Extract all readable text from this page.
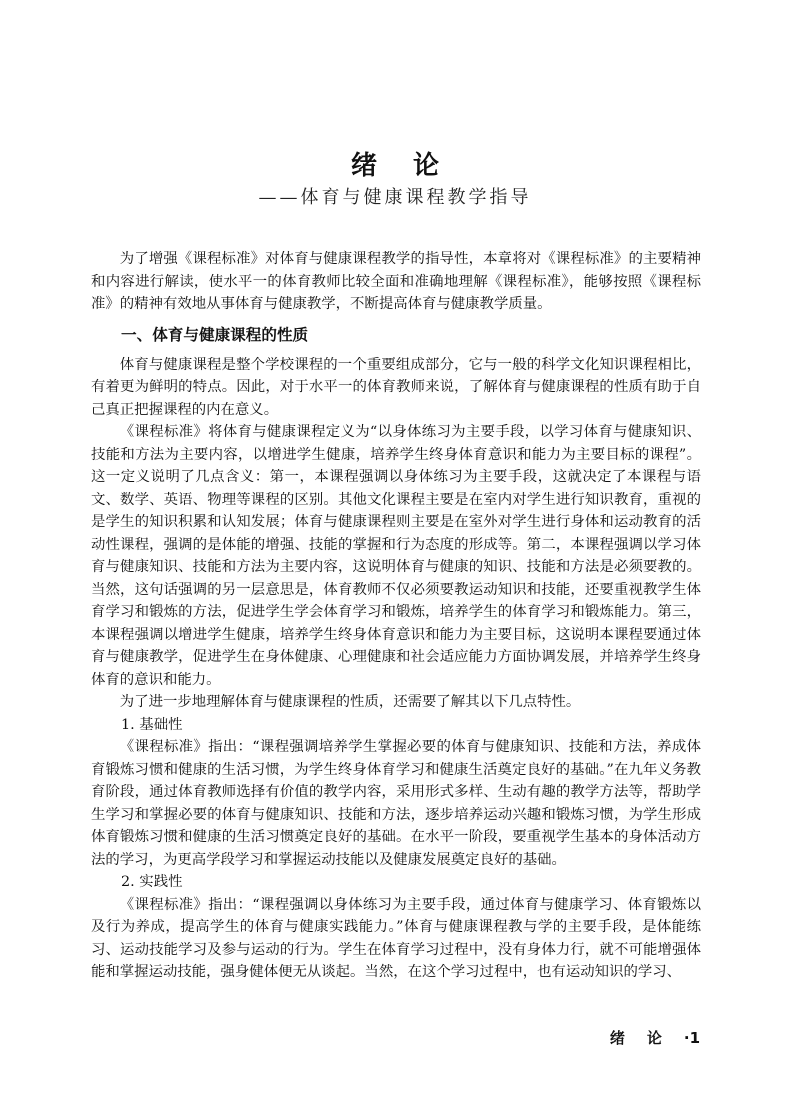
绪论
——体育与健康课程教学指导

为了增强《课程标准》对体育与健康课程教学的指导性，本章将对《课程标准》的主要精神和内容进行解读，使水平一的体育教师比较全面和准确地理解《课程标准》，能够按照《课程标准》的精神有效地从事体育与健康教学，不断提高体育与健康教学质量。

一、体育与健康课程的性质

体育与健康课程是整个学校课程的一个重要组成部分，它与一般的科学文化知识课程相比，有着更为鲜明的特点。因此，对于水平一的体育教师来说，了解体育与健康课程的性质有助于自己真正把握课程的内在意义。

《课程标准》将体育与健康课程定义为“以身体练习为主要手段，以学习体育与健康知识、技能和方法为主要内容，以增进学生健康，培养学生终身体育意识和能力为主要目标的课程”。这一定义说明了几点含义：第一，本课程强调以身体练习为主要手段，这就决定了本课程与语文、数学、英语、物理等课程的区别。其他文化课程主要是在室内对学生进行知识教育，重视的是学生的知识积累和认知发展；体育与健康课程则主要是在室外对学生进行身体和运动教育的活动性课程，强调的是体能的增强、技能的掌握和行为态度的形成等。第二，本课程强调以学习体育与健康知识、技能和方法为主要内容，这说明体育与健康的知识、技能和方法是必须要教的。当然，这句话强调的另一层意思是，体育教师不仅必须要教运动知识和技能，还要重视教学生体育学习和锻炼的方法，促进学生学会体育学习和锻炼，培养学生的体育学习和锻炼能力。第三，本课程强调以增进学生健康，培养学生终身体育意识和能力为主要目标，这说明本课程要通过体育与健康教学，促进学生在身体健康、心理健康和社会适应能力方面协调发展，并培养学生终身体育的意识和能力。

为了进一步地理解体育与健康课程的性质，还需要了解其以下几点特性。

1. 基础性

《课程标准》指出：“课程强调培养学生掌握必要的体育与健康知识、技能和方法，养成体育锻炼习惯和健康的生活习惯，为学生终身体育学习和健康生活奠定良好的基础。”在九年义务教育阶段，通过体育教师选择有价值的教学内容，采用形式多样、生动有趣的教学方法等，帮助学生学习和掌握必要的体育与健康知识、技能和方法，逐步培养运动兴趣和锻炼习惯，为学生形成体育锻炼习惯和健康的生活习惯奠定良好的基础。在水平一阶段，要重视学生基本的身体活动方法的学习，为更高学段学习和掌握运动技能以及健康发展奠定良好的基础。

2. 实践性

《课程标准》指出：“课程强调以身体练习为主要手段，通过体育与健康学习、体育锻炼以及行为养成，提高学生的体育与健康实践能力。”体育与健康课程教与学的主要手段，是体能练习、运动技能学习及参与运动的行为。学生在体育学习过程中，没有身体力行，就不可能增强体能和掌握运动技能，强身健体便无从谈起。当然，在这个学习过程中，也有运动知识的学习、

绪论·1
